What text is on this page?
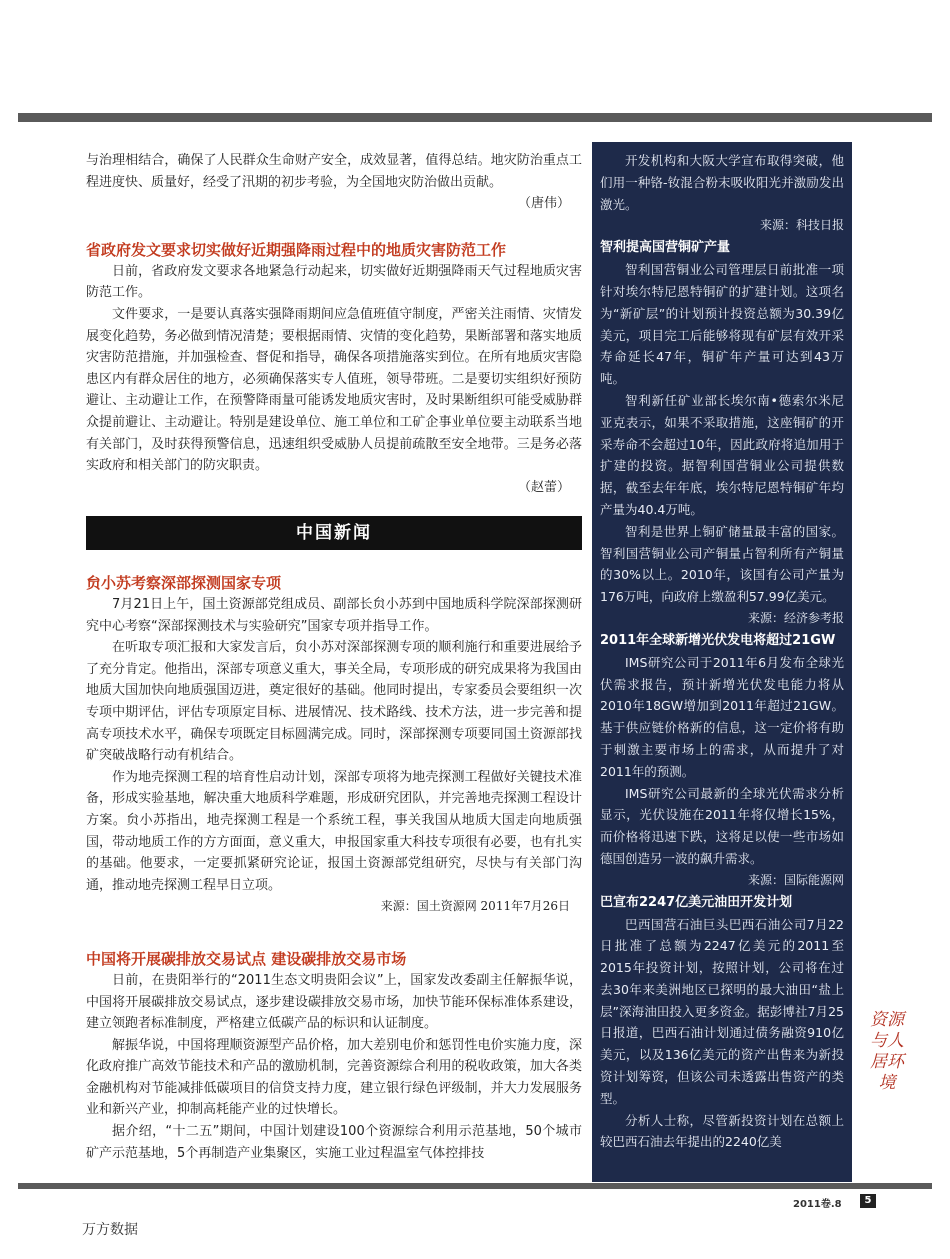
与治理相结合，确保了人民群众生命财产安全，成效显著，值得总结。地灾防治重点工程进度快、质量好，经受了汛期的初步考验，为全国地灾防治做出贡献。

（唐伟）

省政府发文要求切实做好近期强降雨过程中的地质灾害防范工作

日前，省政府发文要求各地紧急行动起来，切实做好近期强降雨天气过程地质灾害防范工作。

文件要求，一是要认真落实强降雨期间应急值班值守制度，严密关注雨情、灾情发展变化趋势，务必做到情况清楚；要根据雨情、灾情的变化趋势，果断部署和落实地质灾害防范措施，并加强检查、督促和指导，确保各项措施落实到位。在所有地质灾害隐患区内有群众居住的地方，必须确保落实专人值班，领导带班。二是要切实组织好预防避让、主动避让工作，在预警降雨量可能诱发地质灾害时，及时果断组织可能受威胁群众提前避让、主动避让。特别是建设单位、施工单位和工矿企事业单位要主动联系当地有关部门，及时获得预警信息，迅速组织受威胁人员提前疏散至安全地带。三是务必落实政府和相关部门的防灾职责。

（赵蕾）

中国新闻

贠小苏考察深部探测国家专项

7月21日上午，国土资源部党组成员、副部长贠小苏到中国地质科学院深部探测研究中心考察“深部探测技术与实验研究”国家专项并指导工作。

在听取专项汇报和大家发言后，贠小苏对深部探测专项的顺利施行和重要进展给予了充分肯定。他指出，深部专项意义重大，事关全局，专项形成的研究成果将为我国由地质大国加快向地质强国迈进，奠定很好的基础。他同时提出，专家委员会要组织一次专项中期评估，评估专项原定目标、进展情况、技术路线、技术方法，进一步完善和提高专项技术水平，确保专项既定目标圆满完成。同时，深部探测专项要同国土资源部找矿突破战略行动有机结合。

作为地壳探测工程的培育性启动计划，深部专项将为地壳探测工程做好关键技术准备，形成实验基地，解决重大地质科学难题，形成研究团队，并完善地壳探测工程设计方案。贠小苏指出，地壳探测工程是一个系统工程，事关我国从地质大国走向地质强国，带动地质工作的方方面面，意义重大，申报国家重大科技专项很有必要，也有扎实的基础。他要求，一定要抓紧研究论证，报国土资源部党组研究，尽快与有关部门沟通，推动地壳探测工程早日立项。

来源：国土资源网 2011年7月26日

中国将开展碳排放交易试点 建设碳排放交易市场

日前，在贵阳举行的“2011生态文明贵阳会议”上，国家发改委副主任解振华说，中国将开展碳排放交易试点，逐步建设碳排放交易市场，加快节能环保标准体系建设，建立领跑者标准制度，严格建立低碳产品的标识和认证制度。

解振华说，中国将理顺资源型产品价格，加大差别电价和惩罚性电价实施力度，深化政府推广高效节能技术和产品的激励机制，完善资源综合利用的税收政策，加大各类金融机构对节能减排低碳项目的信贷支持力度，建立银行绿色评级制，并大力发展服务业和新兴产业，抑制高耗能产业的过快增长。

据介绍，“十二五”期间，中国计划建设100个资源综合利用示范基地，50个城市矿产示范基地，5个再制造产业集聚区，实施工业过程温室气体控排技

开发机构和大阪大学宣布取得突破，他们用一种铬-钕混合粉末吸收阳光并激励发出激光。

来源：科技日报

智利提高国营铜矿产量

智利国营铜业公司管理层日前批准一项针对埃尔特尼恩特铜矿的扩建计划。这项名为“新矿层”的计划预计投资总额为30.39亿美元，项目完工后能够将现有矿层有效开采寿命延长47年，铜矿年产量可达到43万吨。

智利新任矿业部长埃尔南•德索尔米尼亚克表示，如果不采取措施，这座铜矿的开采寿命不会超过10年，因此政府将追加用于扩建的投资。据智利国营铜业公司提供数据，截至去年年底，埃尔特尼恩特铜矿年均产量为40.4万吨。

智利是世界上铜矿储量最丰富的国家。智利国营铜业公司产铜量占智利所有产铜量的30%以上。2010年，该国有公司产量为176万吨，向政府上缴盈利57.99亿美元。

来源：经济参考报

2011年全球新增光伏发电将超过21GW

IMS研究公司于2011年6月发布全球光伏需求报告，预计新增光伏发电能力将从2010年18GW增加到2011年超过21GW。基于供应链价格新的信息，这一定价将有助于刺激主要市场上的需求，从而提升了对2011年的预测。

IMS研究公司最新的全球光伏需求分析显示，光伏设施在2011年将仅增长15%，而价格将迅速下跌，这将足以使一些市场如德国创造另一波的飙升需求。

来源：国际能源网

巴宣布2247亿美元油田开发计划

巴西国营石油巨头巴西石油公司7月22日批准了总额为2247亿美元的2011至2015年投资计划，按照计划，公司将在过去30年来美洲地区已探明的最大油田“盐上层”深海油田投入更多资金。据彭博社7月25日报道，巴西石油计划通过债务融资910亿美元，以及136亿美元的资产出售来为新投资计划筹资，但该公司未透露出售资产的类型。

分析人士称，尽管新投资计划在总额上较巴西石油去年提出的2240亿美

资源与人居环境
2011卷.8	5
万方数据
